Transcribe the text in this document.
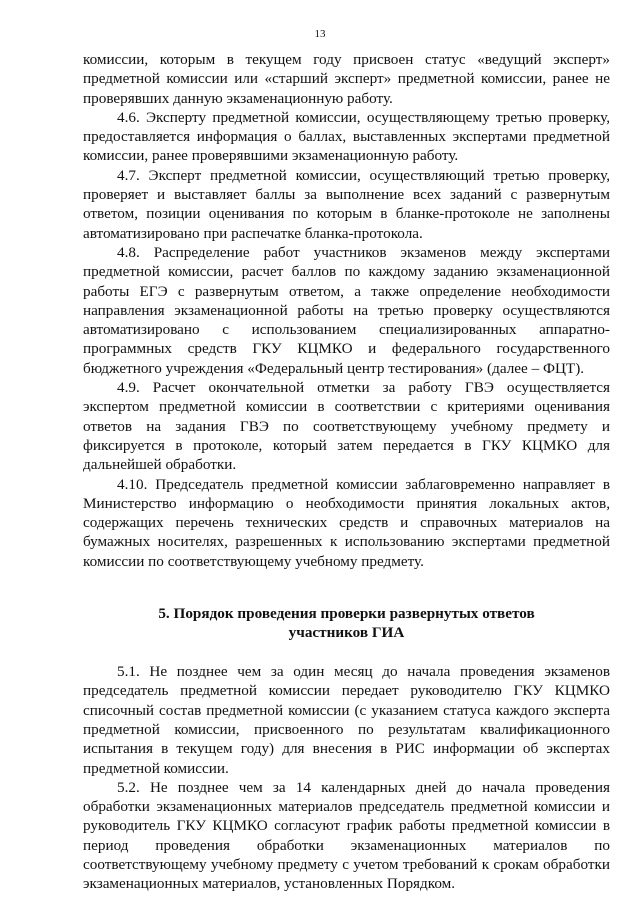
13

комиссии, которым в текущем году присвоен статус «ведущий эксперт» предметной комиссии или «старший эксперт» предметной комиссии, ранее не проверявших данную экзаменационную работу.

4.6. Эксперту предметной комиссии, осуществляющему третью проверку, предоставляется информация о баллах, выставленных экспертами предметной комиссии, ранее проверявшими экзаменационную работу.

4.7. Эксперт предметной комиссии, осуществляющий третью проверку, проверяет и выставляет баллы за выполнение всех заданий с развернутым ответом, позиции оценивания по которым в бланке-протоколе не заполнены автоматизировано при распечатке бланка-протокола.

4.8. Распределение работ участников экзаменов между экспертами предметной комиссии, расчет баллов по каждому заданию экзаменационной работы ЕГЭ с развернутым ответом, а также определение необходимости направления экзаменационной работы на третью проверку осуществляются автоматизировано с использованием специализированных аппаратно-программных средств ГКУ КЦМКО и федерального государственного бюджетного учреждения «Федеральный центр тестирования» (далее – ФЦТ).

4.9. Расчет окончательной отметки за работу ГВЭ осуществляется экспертом предметной комиссии в соответствии с критериями оценивания ответов на задания ГВЭ по соответствующему учебному предмету и фиксируется в протоколе, который затем передается в ГКУ КЦМКО для дальнейшей обработки.

4.10. Председатель предметной комиссии заблаговременно направляет в Министерство информацию о необходимости принятия локальных актов, содержащих перечень технических средств и справочных материалов на бумажных носителях, разрешенных к использованию экспертами предметной комиссии по соответствующему учебному предмету.

5. Порядок проведения проверки развернутых ответов
участников ГИА

5.1. Не позднее чем за один месяц до начала проведения экзаменов председатель предметной комиссии передает руководителю ГКУ КЦМКО списочный состав предметной комиссии (с указанием статуса каждого эксперта предметной комиссии, присвоенного по результатам квалификационного испытания в текущем году) для внесения в РИС информации об экспертах предметной комиссии.

5.2. Не позднее чем за 14 календарных дней до начала проведения обработки экзаменационных материалов председатель предметной комиссии и руководитель ГКУ КЦМКО согласуют график работы предметной комиссии в период проведения обработки экзаменационных материалов по соответствующему учебному предмету с учетом требований к срокам обработки экзаменационных материалов, установленных Порядком.
